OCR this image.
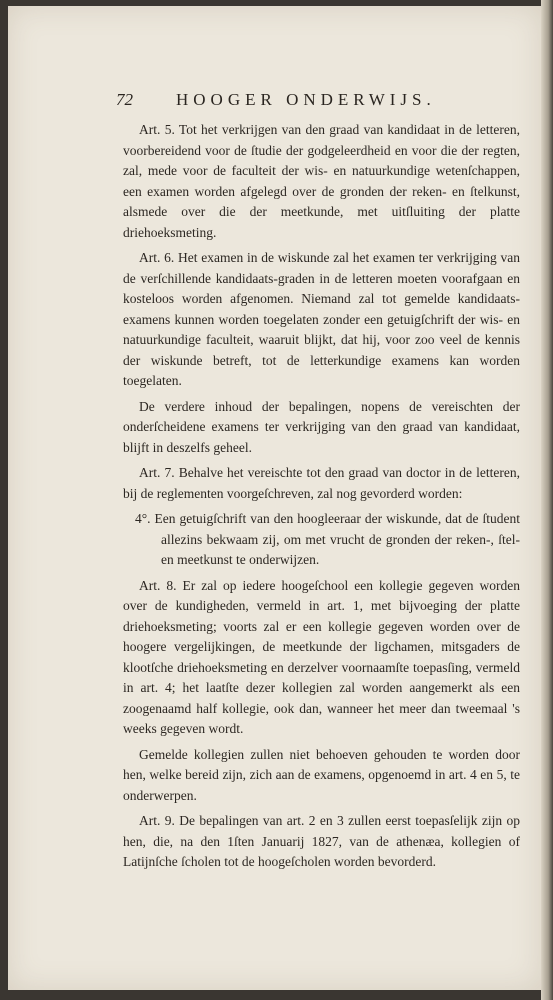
72	HOOGER ONDERWIJS.

Art. 5. Tot het verkrijgen van den graad van kandidaat in de letteren, voorbereidend voor de ſtudie der godgeleerdheid en voor die der regten, zal, mede voor de faculteit der wis- en natuurkundige wetenſchappen, een examen worden afgelegd over de gronden der reken- en ſtelkunst, alsmede over die der meetkunde, met uitſluiting der platte driehoeksmeting.

Art. 6. Het examen in de wiskunde zal het examen ter verkrijging van de verſchillende kandidaats-graden in de letteren moeten voorafgaan en kosteloos worden afgenomen. Niemand zal tot gemelde kandidaats-examens kunnen worden toegelaten zonder een getuigſchrift der wis- en natuurkundige faculteit, waaruit blijkt, dat hij, voor zoo veel de kennis der wiskunde betreft, tot de letterkundige examens kan worden toegelaten.

De verdere inhoud der bepalingen, nopens de vereischten der onderſcheidene examens ter verkrijging van den graad van kandidaat, blijft in deszelfs geheel.

Art. 7. Behalve het vereischte tot den graad van doctor in de letteren, bij de reglementen voorgeſchreven, zal nog gevorderd worden:

4°. Een getuigſchrift van den hoogleeraar der wiskunde, dat de ſtudent allezins bekwaam zij, om met vrucht de gronden der reken-, ſtel- en meetkunst te onderwijzen.

Art. 8. Er zal op iedere hoogeſchool een kollegie gegeven worden over de kundigheden, vermeld in art. 1, met bijvoeging der platte driehoeksmeting; voorts zal er een kollegie gegeven worden over de hoogere vergelijkingen, de meetkunde der ligchamen, mitsgaders de klootſche driehoeksmeting en derzelver voornaamſte toepasſing, vermeld in art. 4; het laatſte dezer kollegien zal worden aangemerkt als een zoogenaamd half kollegie, ook dan, wanneer het meer dan tweemaal 's weeks gegeven wordt.

Gemelde kollegien zullen niet behoeven gehouden te worden door hen, welke bereid zijn, zich aan de examens, opgenoemd in art. 4 en 5, te onderwerpen.

Art. 9. De bepalingen van art. 2 en 3 zullen eerst toepasſelijk zijn op hen, die, na den 1ſten Januarij 1827, van de athenæa, kollegien of Latijnſche ſcholen tot de hoogeſcholen worden bevorderd.
